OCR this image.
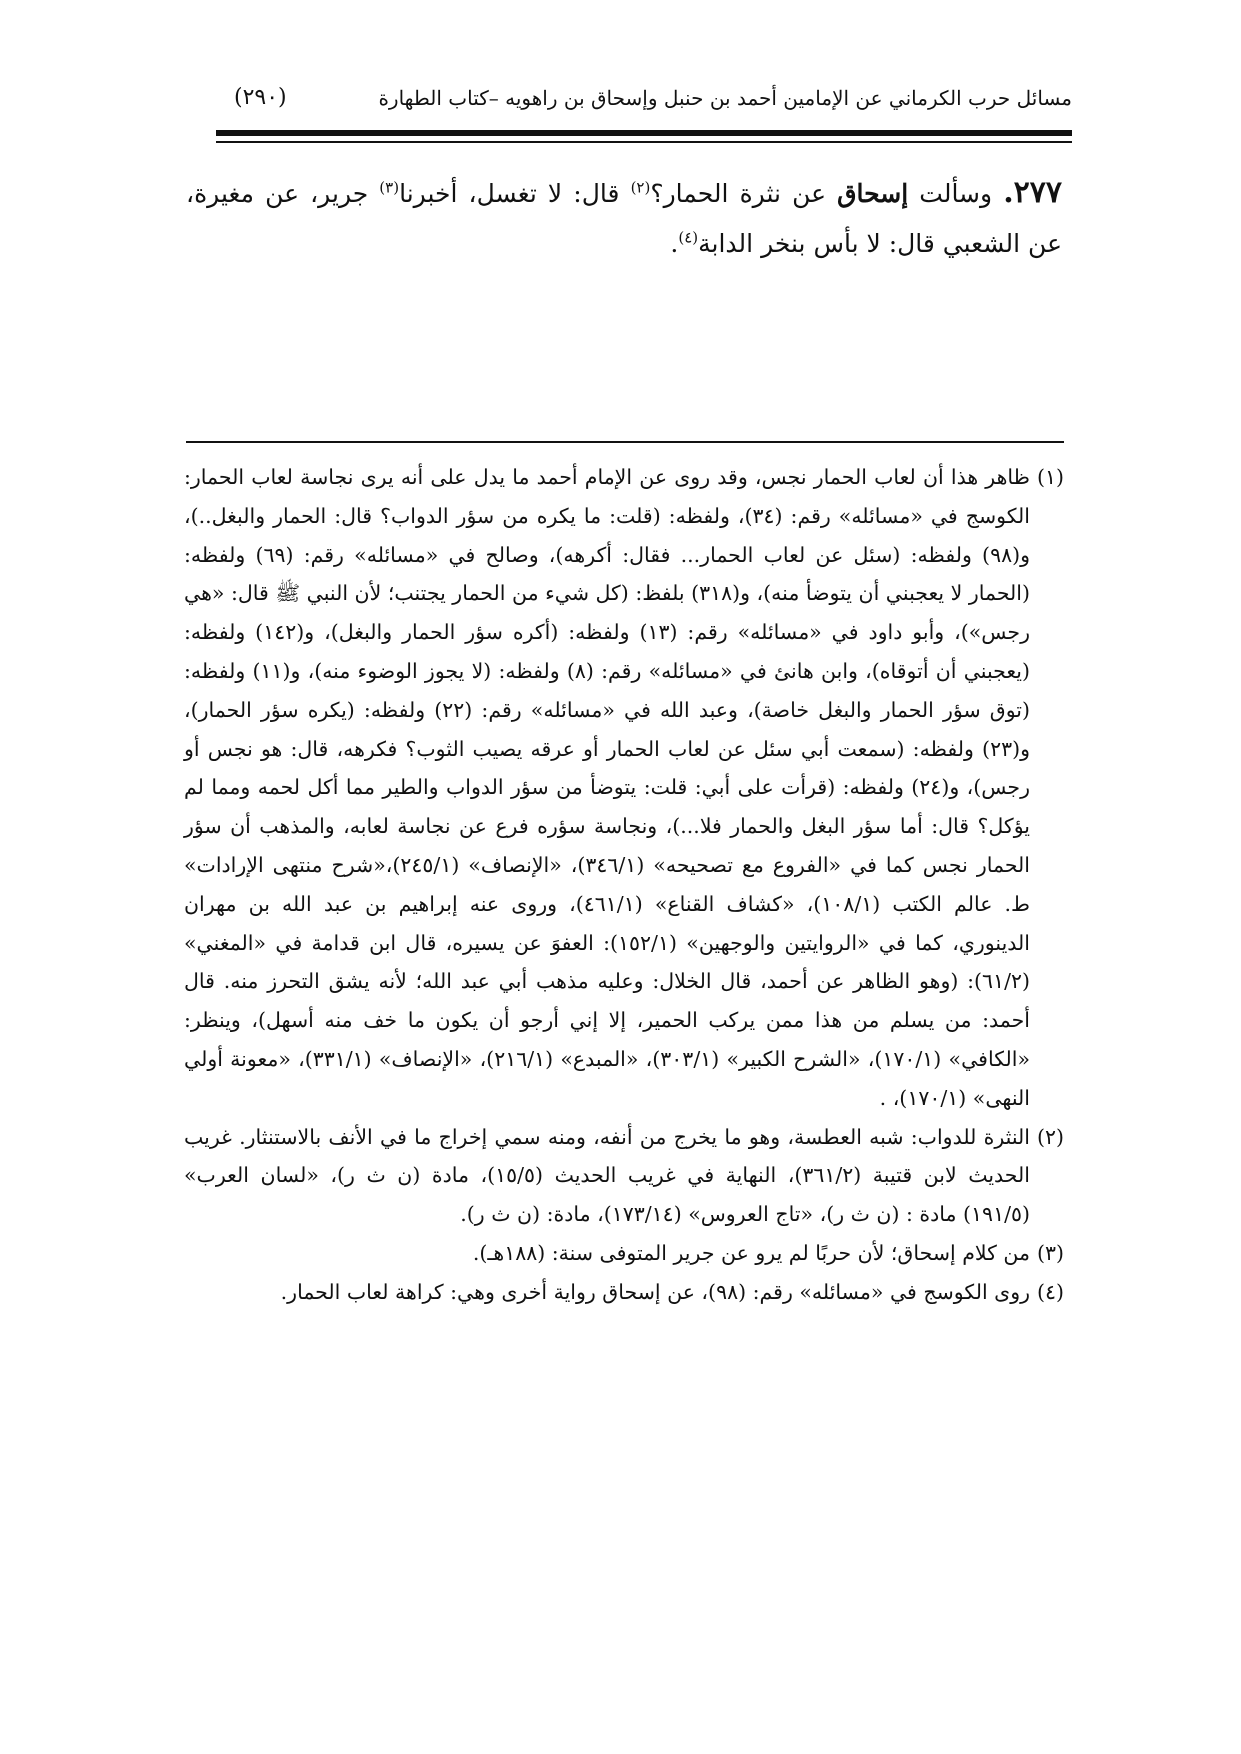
مسائل حرب الكرماني عن الإمامين أحمد بن حنبل وإسحاق بن راهويه –كتاب الطهارة
(٢٩٠)
٢٧٧. وسألت إسحاق عن نثرة الحمار؟$^{(٢)}$ قال: لا تغسل، أخبرنا$^{(٣)}$ جرير، عن مغيرة، عن الشعبي قال: لا بأس بنخر الدابة$^{(٤)}$.

(١)ظاهر هذا أن لعاب الحمار نجس، وقد روى عن الإمام أحمد ما يدل على أنه يرى نجاسة لعاب الحمار: الكوسج في «مسائله» رقم: (٣٤)، ولفظه: (قلت: ما يكره من سؤر الدواب؟ قال: الحمار والبغل..)، و(٩٨) ولفظه: (سئل عن لعاب الحمار... فقال: أكرهه)، وصالح في «مسائله» رقم: (٦٩) ولفظه: (الحمار لا يعجبني أن يتوضأ منه)، و(٣١٨) بلفظ: (كل شيء من الحمار يجتنب؛ لأن النبي ﷺ قال: «هي رجس»)، وأبو داود في «مسائله» رقم: (١٣) ولفظه: (أكره سؤر الحمار والبغل)، و(١٤٢) ولفظه: (يعجبني أن أتوقاه)، وابن هانئ في «مسائله» رقم: (٨) ولفظه: (لا يجوز الوضوء منه)، و(١١) ولفظه: (توق سؤر الحمار والبغل خاصة)، وعبد الله في «مسائله» رقم: (٢٢) ولفظه: (يكره سؤر الحمار)، و(٢٣) ولفظه: (سمعت أبي سئل عن لعاب الحمار أو عرقه يصيب الثوب؟ فكرهه، قال: هو نجس أو رجس)، و(٢٤) ولفظه: (قرأت على أبي: قلت: يتوضأ من سؤر الدواب والطير مما أكل لحمه ومما لم يؤكل؟ قال: أما سؤر البغل والحمار فلا...)، ونجاسة سؤره فرع عن نجاسة لعابه، والمذهب أن سؤر الحمار نجس كما في «الفروع مع تصحيحه» (٣٤٦/١)، «الإنصاف» (٢٤٥/١)،«شرح منتهى الإرادات» ط. عالم الكتب (١٠٨/١)، «كشاف القناع» (٤٦١/١)، وروى عنه إبراهيم بن عبد الله بن مهران الدينوري، كما في «الروايتين والوجهين» (١٥٢/١): العفوَ عن يسيره، قال ابن قدامة في «المغني» (٦١/٢): (وهو الظاهر عن أحمد، قال الخلال: وعليه مذهب أبي عبد الله؛ لأنه يشق التحرز منه. قال أحمد: من يسلم من هذا ممن يركب الحمير، إلا إني أرجو أن يكون ما خف منه أسهل)، وينظر: «الكافي» (١٧٠/١)، «الشرح الكبير» (٣٠٣/١)، «المبدع» (٢١٦/١)، «الإنصاف» (٣٣١/١)، «معونة أولي النهى» (١٧٠/١)، .

(٢)النثرة للدواب: شبه العطسة، وهو ما يخرج من أنفه، ومنه سمي إخراج ما في الأنف بالاستنثار. غريب الحديث لابن قتيبة (٣٦١/٢)، النهاية في غريب الحديث (١٥/٥)، مادة (ن ث ر)، «لسان العرب» (١٩١/٥) مادة : (ن ث ر)، «تاج العروس» (١٧٣/١٤)، مادة: (ن ث ر).

(٣)من كلام إسحاق؛ لأن حربًا لم يرو عن جرير المتوفى سنة: (١٨٨هـ).

(٤)روى الكوسج في «مسائله» رقم: (٩٨)، عن إسحاق رواية أخرى وهي: كراهة لعاب الحمار.
